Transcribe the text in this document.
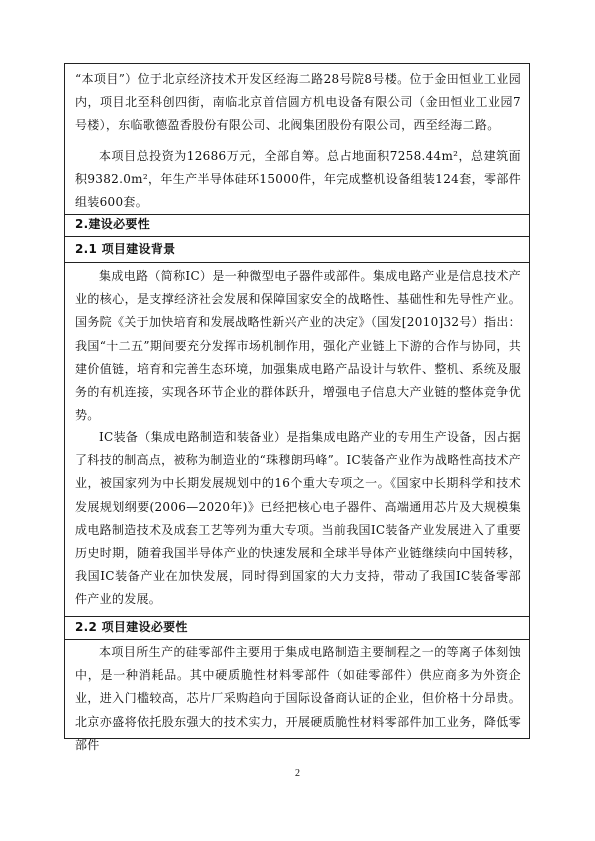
“本项目”）位于北京经济技术开发区经海二路28号院8号楼。位于金田恒业工业园内，项目北至科创四街，南临北京首信圆方机电设备有限公司（金田恒业工业园7号楼），东临歌德盈香股份有限公司、北阀集团股份有限公司，西至经海二路。

本项目总投资为12686万元，全部自筹。总占地面积7258.44m²，总建筑面积9382.0m²，年生产半导体硅环15000件，年完成整机设备组装124套，零部件组装600套。

2.建设必要性

2.1 项目建设背景

集成电路（简称IC）是一种微型电子器件或部件。集成电路产业是信息技术产业的核心，是支撑经济社会发展和保障国家安全的战略性、基础性和先导性产业。国务院《关于加快培育和发展战略性新兴产业的决定》（国发[2010]32号）指出：我国“十二五”期间要充分发挥市场机制作用，强化产业链上下游的合作与协同，共建价值链，培育和完善生态环境，加强集成电路产品设计与软件、整机、系统及服务的有机连接，实现各环节企业的群体跃升，增强电子信息大产业链的整体竞争优势。

IC装备（集成电路制造和装备业）是指集成电路产业的专用生产设备，因占据了科技的制高点，被称为制造业的“珠穆朗玛峰”。IC装备产业作为战略性高技术产业，被国家列为中长期发展规划中的16个重大专项之一。《国家中长期科学和技术发展规划纲要(2006—2020年)》已经把核心电子器件、高端通用芯片及大规模集成电路制造技术及成套工艺等列为重大专项。当前我国IC装备产业发展进入了重要历史时期，随着我国半导体产业的快速发展和全球半导体产业链继续向中国转移，我国IC装备产业在加快发展，同时得到国家的大力支持，带动了我国IC装备零部件产业的发展。

2.2 项目建设必要性

本项目所生产的硅零部件主要用于集成电路制造主要制程之一的等离子体刻蚀中，是一种消耗品。其中硬质脆性材料零部件（如硅零部件）供应商多为外资企业，进入门槛较高，芯片厂采购趋向于国际设备商认证的企业，但价格十分昂贵。北京亦盛将依托股东强大的技术实力，开展硬质脆性材料零部件加工业务，降低零部件

2
